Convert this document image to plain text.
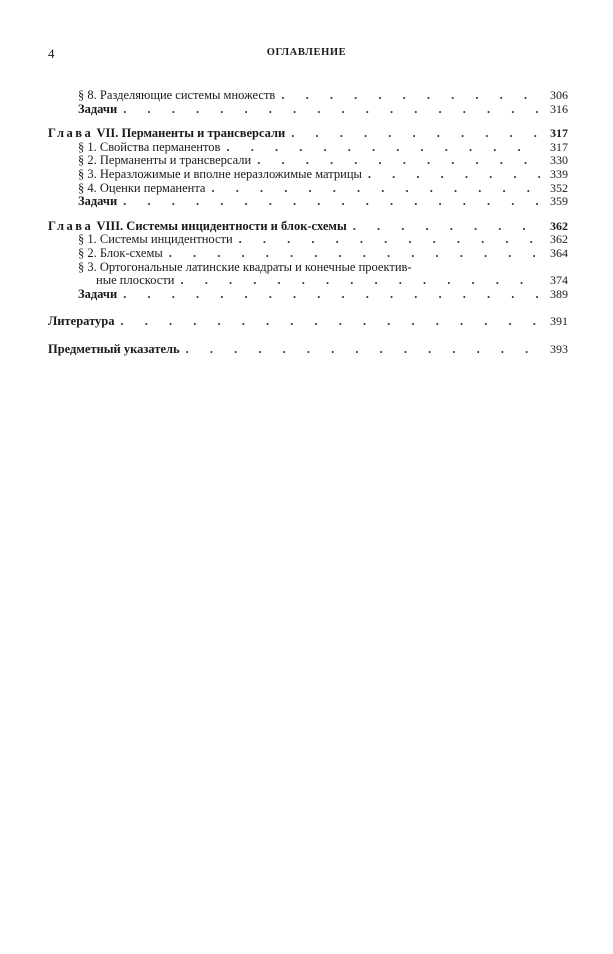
4	ОГЛАВЛЕНИЕ
§ 8. Разделяющие системы множеств . . .	306
Задачи . . .	316
Глава VII. Перманенты и трансверсали . . .	317
§ 1. Свойства перманентов . . .	317
§ 2. Перманенты и трансверсали . . .	330
§ 3. Неразложимые и вполне неразложимые матрицы . . .	339
§ 4. Оценки перманента . . .	352
Задачи . . .	359
Глава VIII. Системы инцидентности и блок-схемы . . .	362
§ 1. Системы инцидентности . . .	362
§ 2. Блок-схемы . . .	364
§ 3. Ортогональные латинские квадраты и конечные проектив-
ные плоскости . . .	374
Задачи . . .	389
Литература . . .	391
Предметный указатель . . .	393
